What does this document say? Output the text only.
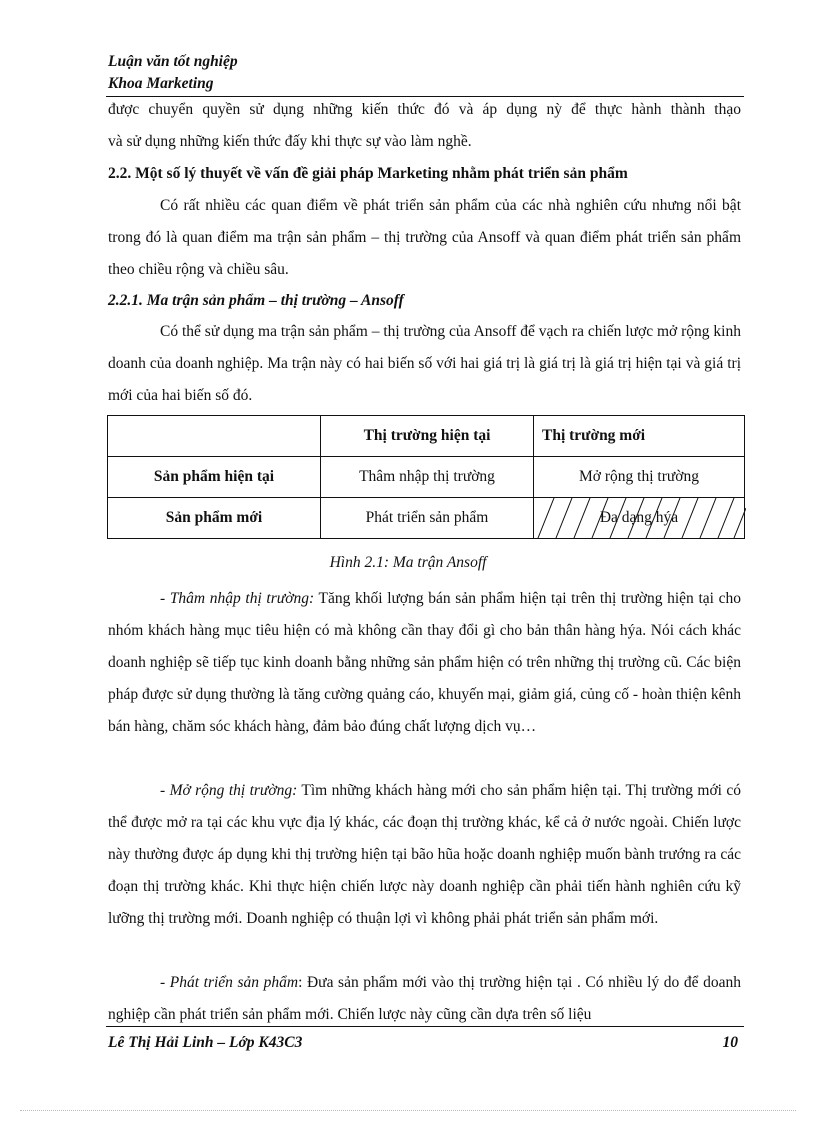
Luận văn tốt nghiệp
Khoa Marketing

được chuyển quyền sử dụng những kiến thức đó và áp dụng nỳ để thực hành thành thạo

và sử dụng những kiến thức đấy khi thực sự vào làm nghề.

2.2. Một số lý thuyết về vấn đề giải pháp Marketing nhằm phát triển sản phẩm

Có rất nhiều các quan điểm về phát triển sản phẩm của các nhà nghiên cứu nhưng nổi bật trong đó là quan điểm ma trận sản phẩm – thị trường của Ansoff và quan điểm phát triển sản phẩm theo chiều rộng và chiều sâu.

2.2.1. Ma trận sản phẩm – thị trường – Ansoff

Có thể sử dụng ma trận sản phẩm – thị trường của Ansoff để vạch ra chiến lược mở rộng kinh doanh của doanh nghiệp. Ma trận này có hai biến số với hai giá trị là giá trị là giá trị hiện tại và giá trị mới của hai biến số đó.

	Thị trường hiện tại	Thị trường mới
Sản phẩm hiện tại	Thâm nhập thị trường	Mở rộng thị trường
Sản phẩm mới	Phát triển sản phẩm	Đa dạng hýa
Hình 2.1: Ma trận Ansoff

- Thâm nhập thị trường: Tăng khối lượng bán sản phẩm hiện tại trên thị trường hiện tại cho nhóm khách hàng mục tiêu hiện có mà không cần thay đổi gì cho bản thân hàng hýa. Nói cách khác doanh nghiệp sẽ tiếp tục kinh doanh bằng những sản phẩm hiện có trên những thị trường cũ. Các biện pháp được sử dụng thường là tăng cường quảng cáo, khuyến mại, giảm giá, củng cố - hoàn thiện kênh bán hàng, chăm sóc khách hàng, đảm bảo đúng chất lượng dịch vụ…

- Mở rộng thị trường: Tìm những khách hàng mới cho sản phẩm hiện tại. Thị trường mới có thể được mở ra tại các khu vực địa lý khác, các đoạn thị trường khác, kể cả ở nước ngoài. Chiến lược này thường được áp dụng khi thị trường hiện tại bão hũa hoặc doanh nghiệp muốn bành trướng ra các đoạn thị trường khác. Khi thực hiện chiến lược này doanh nghiệp cần phải tiến hành nghiên cứu kỹ lưỡng thị trường mới. Doanh nghiệp có thuận lợi vì không phải phát triển sản phẩm mới.

- Phát triển sản phẩm: Đưa sản phẩm mới vào thị trường hiện tại . Có nhiều lý do để doanh nghiệp cần phát triển sản phẩm mới. Chiến lược này cũng cần dựa trên số liệu

Lê Thị Hải Linh – Lớp K43C3	10
